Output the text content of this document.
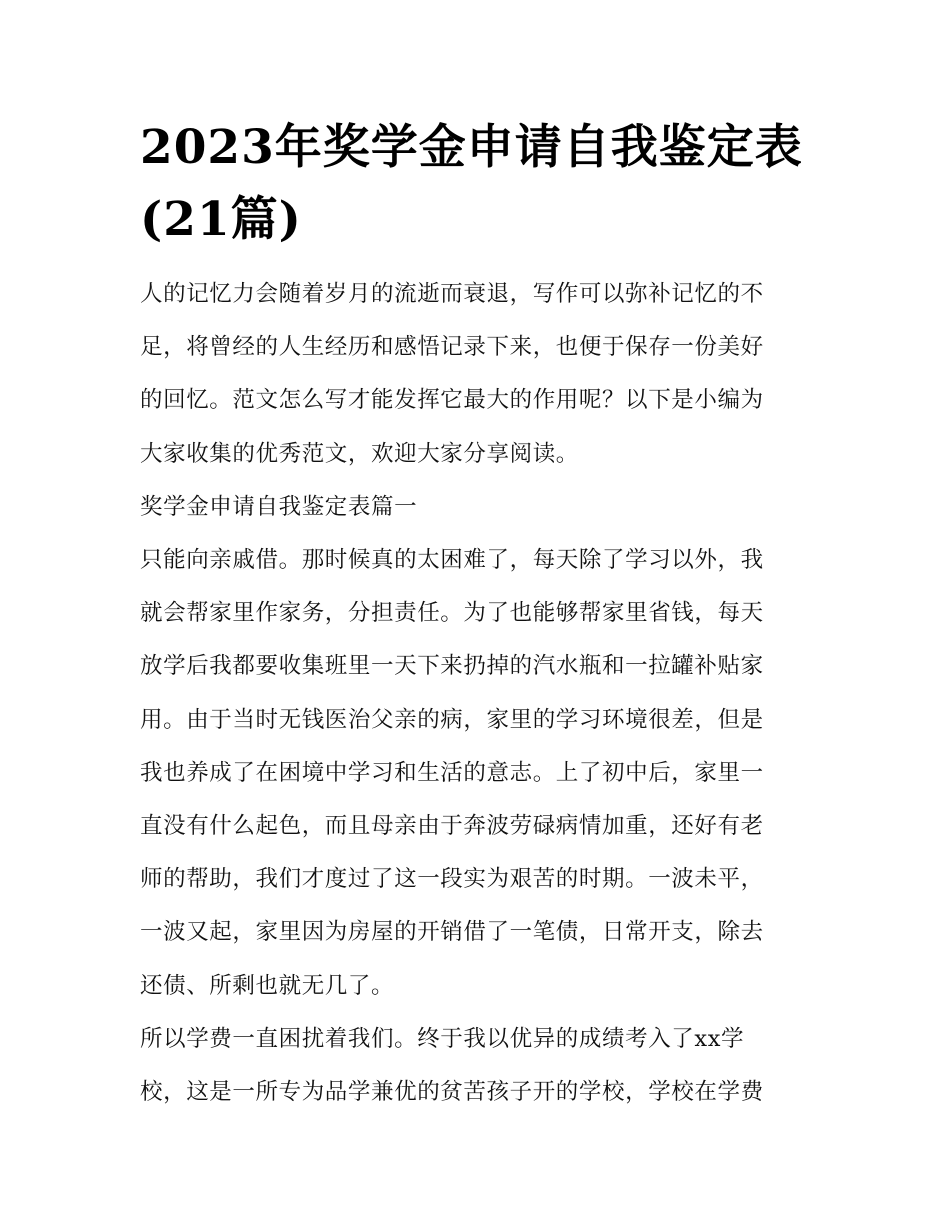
2023年奖学金申请自我鉴定表
(21篇)
人的记忆力会随着岁月的流逝而衰退，写作可以弥补记忆的不
足，将曾经的人生经历和感悟记录下来，也便于保存一份美好
的回忆。范文怎么写才能发挥它最大的作用呢？以下是小编为
大家收集的优秀范文，欢迎大家分享阅读。
奖学金申请自我鉴定表篇一
只能向亲戚借。那时候真的太困难了，每天除了学习以外，我
就会帮家里作家务，分担责任。为了也能够帮家里省钱，每天
放学后我都要收集班里一天下来扔掉的汽水瓶和一拉罐补贴家
用。由于当时无钱医治父亲的病，家里的学习环境很差，但是
我也养成了在困境中学习和生活的意志。上了初中后，家里一
直没有什么起色，而且母亲由于奔波劳碌病情加重，还好有老
师的帮助，我们才度过了这一段实为艰苦的时期。一波未平，
一波又起，家里因为房屋的开销借了一笔债，日常开支，除去
还债、所剩也就无几了。
所以学费一直困扰着我们。终于我以优异的成绩考入了xx学
校，这是一所专为品学兼优的贫苦孩子开的学校，学校在学费
